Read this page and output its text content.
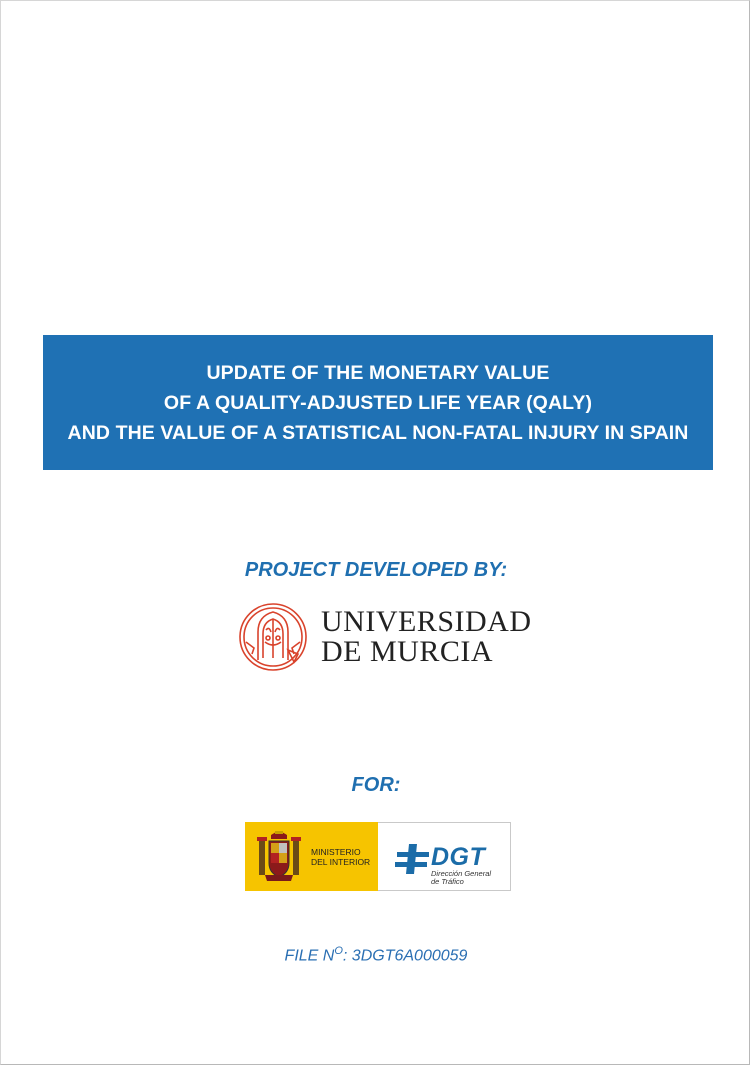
UPDATE OF THE MONETARY VALUE
OF A QUALITY-ADJUSTED LIFE YEAR (QALY)
AND THE VALUE OF A STATISTICAL NON-FATAL INJURY IN SPAIN
PROJECT DEVELOPED BY:
UNIVERSIDAD
DE MURCIA
FOR:
MINISTERIO
DEL INTERIOR DGT
Dirección General
de Tráfico
FILE $N^O$: 3DGT6A000059
